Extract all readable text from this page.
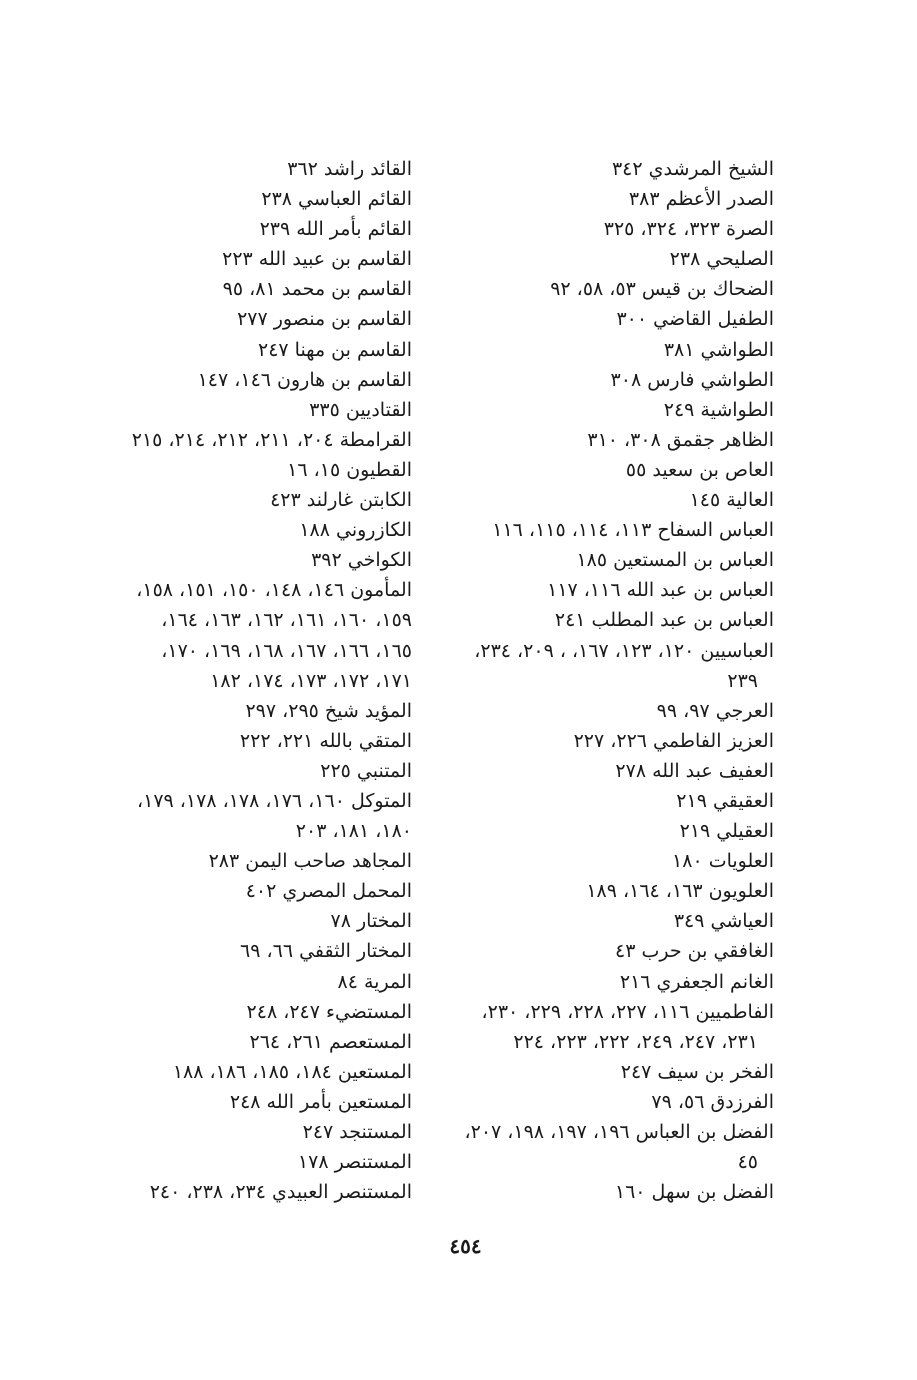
الشيخ المرشدي ٣٤٢
الصدر الأعظم ٣٨٣
الصرة ٣٢٣، ٣٢٤، ٣٢٥
الصليحي ٢٣٨
الضحاك بن قيس ٥٣، ٥٨، ٩٢
الطفيل القاضي ٣٠٠
الطواشي ٣٨١
الطواشي فارس ٣٠٨
الطواشية ٢٤٩
الظاهر جقمق ٣٠٨، ٣١٠
العاص بن سعيد ٥٥
العالية ١٤٥
العباس السفاح ١١٣، ١١٤، ١١٥، ١١٦
العباس بن المستعين ١٨٥
العباس بن عبد الله ١١٦، ١١٧
العباس بن عبد المطلب ٢٤١
العباسيين ١٢٠، ١٢٣، ١٦٧، ، ٢٠٩، ٢٣٤،
٢٣٩
العرجي ٩٧، ٩٩
العزيز الفاطمي ٢٢٦، ٢٢٧
العفيف عبد الله ٢٧٨
العقيقي ٢١٩
العقيلي ٢١٩
العلويات ١٨٠
العلويون ١٦٣، ١٦٤، ١٨٩
العياشي ٣٤٩
الغافقي بن حرب ٤٣
الغانم الجعفري ٢١٦
الفاطميين ١١٦، ٢٢٧، ٢٢٨، ٢٢٩، ٢٣٠،
٢٣١، ٢٤٧، ٢٤٩، ٢٢٢، ٢٢٣، ٢٢٤
الفخر بن سيف ٢٤٧
الفرزدق ٥٦، ٧٩
الفضل بن العباس ١٩٦، ١٩٧، ١٩٨، ٢٠٧،
٤٥
الفضل بن سهل ١٦٠
القائد راشد ٣٦٢
القائم العباسي ٢٣٨
القائم بأمر الله ٢٣٩
القاسم بن عبيد الله ٢٢٣
القاسم بن محمد ٨١، ٩٥
القاسم بن منصور ٢٧٧
القاسم بن مهنا ٢٤٧
القاسم بن هارون ١٤٦، ١٤٧
القتاديين ٣٣٥
القرامطة ٢٠٤، ٢١١، ٢١٢، ٢١٤، ٢١٥
القطيون ١٥، ١٦
الكابتن غارلند ٤٢٣
الكازروني ١٨٨
الكواخي ٣٩٢
المأمون ١٤٦، ١٤٨، ١٥٠، ١٥١، ١٥٨،
١٥٩، ١٦٠، ١٦١، ١٦٢، ١٦٣، ١٦٤،
١٦٥، ١٦٦، ١٦٧، ١٦٨، ١٦٩، ١٧٠،
١٧١، ١٧٢، ١٧٣، ١٧٤، ١٨٢
المؤيد شيخ ٢٩٥، ٢٩٧
المتقي بالله ٢٢١، ٢٢٢
المتنبي ٢٢٥
المتوكل ١٦٠، ١٧٦، ١٧٨، ١٧٨، ١٧٩،
١٨٠، ١٨١، ٢٠٣
المجاهد صاحب اليمن ٢٨٣
المحمل المصري ٤٠٢
المختار ٧٨
المختار الثقفي ٦٦، ٦٩
المرية ٨٤
المستضيء ٢٤٧، ٢٤٨
المستعصم ٢٦١، ٢٦٤
المستعين ١٨٤، ١٨٥، ١٨٦، ١٨٨
المستعين بأمر الله ٢٤٨
المستنجد ٢٤٧
المستنصر ١٧٨
المستنصر العبيدي ٢٣٤، ٢٣٨، ٢٤٠
٤٥٤
